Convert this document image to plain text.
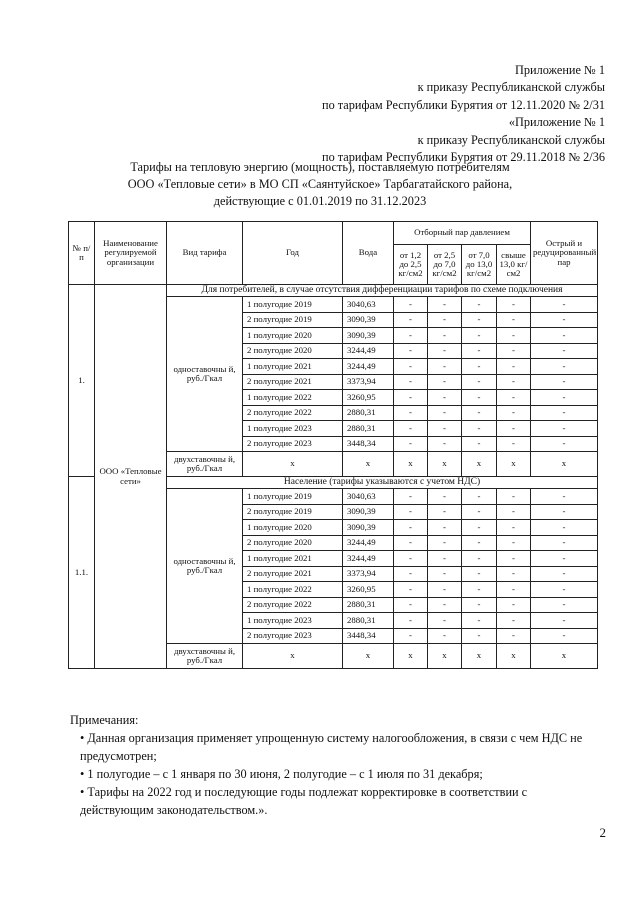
Приложение № 1
к приказу Республиканской службы
по тарифам Республики Бурятия от 12.11.2020 № 2/31
«Приложение № 1
к приказу Республиканской службы
по тарифам Республики Бурятия от 29.11.2018 № 2/36
Тарифы на тепловую энергию (мощность), поставляемую потребителям
ООО «Тепловые сети» в МО СП «Саянтуйское» Тарбагатайского района,
действующие с 01.01.2019 по 31.12.2023
№ п/п	Наименование регулируемой организации	Вид тарифа	Год	Вода	Отборный пар давлением				Острый и редуцированный пар
					от 1,2 до 2,5 кг/см2	от 2,5 до 7,0 кг/см2	от 7,0 до 13,0 кг/см2	свыше 13,0 кг/см2	
1.	ООО «Тепловые сети»	Для потребителей, в случае отсутствия дифференциации тарифов по схеме подключения							
		одноставочны й, руб./Гкал	1 полугодие 2019	3040,63	-	-	-	-	-
			2 полугодие 2019	3090,39	-	-	-	-	-
			1 полугодие 2020	3090,39	-	-	-	-	-
			2 полугодие 2020	3244,49	-	-	-	-	-
			1 полугодие 2021	3244,49	-	-	-	-	-
			2 полугодие 2021	3373,94	-	-	-	-	-
			1 полугодие 2022	3260,95	-	-	-	-	-
			2 полугодие 2022	2880,31	-	-	-	-	-
			1 полугодие 2023	2880,31	-	-	-	-	-
			2 полугодие 2023	3448,34	-	-	-	-	-
		двухставочны й, руб./Гкал	x	x	x	x	x	x	x
1.1.		Население (тарифы указываются с учетом НДС)							
		одноставочны й, руб./Гкал	1 полугодие 2019	3040,63	-	-	-	-	-
			2 полугодие 2019	3090,39	-	-	-	-	-
			1 полугодие 2020	3090,39	-	-	-	-	-
			2 полугодие 2020	3244,49	-	-	-	-	-
			1 полугодие 2021	3244,49	-	-	-	-	-
			2 полугодие 2021	3373,94	-	-	-	-	-
			1 полугодие 2022	3260,95	-	-	-	-	-
			2 полугодие 2022	2880,31	-	-	-	-	-
			1 полугодие 2023	2880,31	-	-	-	-	-
			2 полугодие 2023	3448,34	-	-	-	-	-
		двухставочны й, руб./Гкал	x	x	x	x	x	x	x
Примечания:
• Данная организация применяет упрощенную систему налогообложения, в связи с чем НДС не предусмотрен;
• 1 полугодие – с 1 января по 30 июня, 2 полугодие – с 1 июля по 31 декабря;
• Тарифы на 2022 год и последующие годы подлежат корректировке в соответствии с действующим законодательством.».
2
